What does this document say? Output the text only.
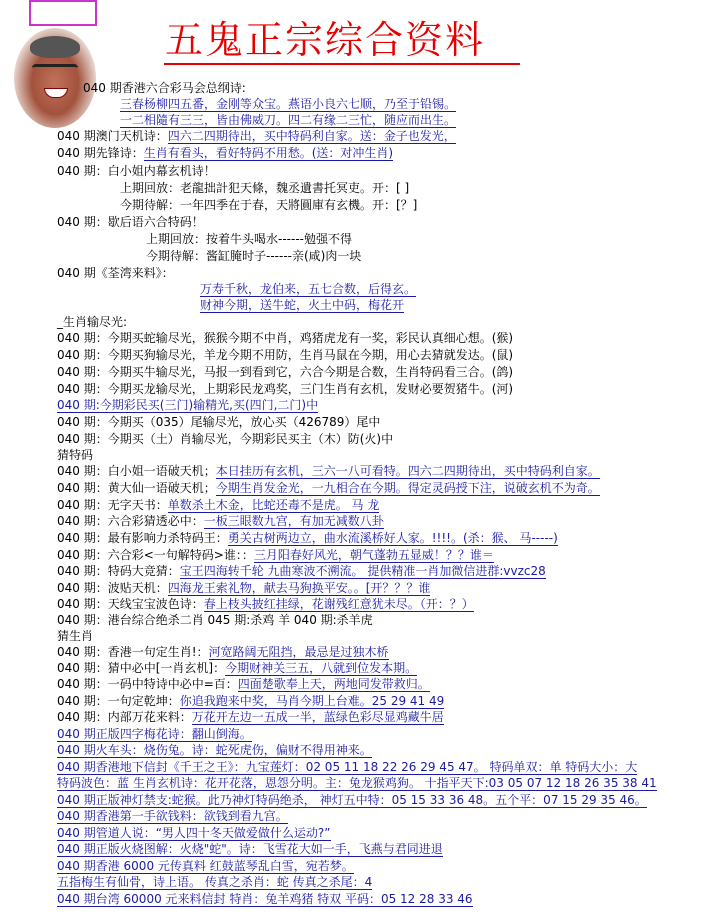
五鬼正宗综合资料
040 期香港六合彩马会总纲诗:
三春杨柳四五番，金刚等众宝。燕语小良六七顺，乃至于铅锡。
一二相隨有三三，皆由佛威刀。四二有缘二三忙，随应而出生。
040 期澳门天机诗：四六二四期待出，买中特码利自家。送：金子也发光，
040 期先锋诗：生肖有看头，看好特码不用愁。(送：对冲生肖)
040 期：白小姐内幕玄机诗！
上期回放：老龍拙計犯天條，魏丞遺書托冥吏。开：[ ]
今期待解：一年四季在于春，天將圓庫有玄機。开：[？]
040 期：歇后语六合特码！
上期回放：按着牛头喝水------勉强不得
今期待解：酱缸腌时子------亲(咸)肉一块
040 期《荃湾来料》：
万寿千秋，龙伯来，五七合数，后得玄。
财神今期，送牛蛇，火土中码，梅花开
_生肖输尽光:
040 期：今期买蛇输尽光，猴猴今期不中肖，鸡猪虎龙有一奖，彩民认真细心想。(猴)
040 期：今期买狗输尽光，羊龙今期不用防，生肖马鼠在今期，用心去猜就发达。(鼠)
040 期：今期买牛输尽光，马报一到看到它，六合今期是合数，生肖特码看三合。(鸽)
040 期：今期买龙输尽光，上期彩民龙鸡奖，三门生肖有玄机，发财必要贺猪牛。(河)
040 期:今期彩民买(三门)输精光,买(四门,二门)中
040 期：今期买（035）尾输尽光，放心买（426789）尾中
040 期：今期买（土）肖输尽光，今期彩民买主（木）防(火)中
猜特码
040 期：白小姐一语破天机；本日挂历有玄机，三六一八可看特。四六二四期待出，买中特码利自家。
040 期：黄大仙一语破天机；今期生肖发金光，一九相合在今期。得定灵码授下注，说破玄机不为奇。
040 期：无字天书：单数杀土木金，比蛇还毒不是虎。 马 龙
040 期：六合彩猜透必中：一板三眼数九宫，有加无减数八卦
040 期：最有影响力杀特码王：勇关古树两边立，曲水流溪桥好人家。!!!!。(杀：猴、 马-----)
040 期：六合彩<一句解特码>谁：：三月阳春好风光，朝气蓬勃五显威！？？谁＝
040 期：特码大竞猜：宝王四海转千轮 九曲寒波不溯流。 提供精准一肖加微信进群:vvzc28
040 期：波贴天机：四海龙王索礼物，献去马狗换平安。。[开？？？谁
040 期：天线宝宝波色诗：春上枝头披红挂绿，花谢残红意犹未尽。（开：？）
040 期：港台综合绝杀二肖 045 期:杀鸡 羊 040 期:杀羊虎
猜生肖
040 期：香港一句定生肖!：河宽路阔无阻挡，最忌是过独木桥
040 期：猜中必中[一肖玄机]：今期财神关三五，八就到位发本期。
040 期：一码中特诗中必中=百：四面楚歌奉上天，两地同发带救归。
040 期：一句定乾坤：你追我跑来中奖，马肖今期上台难。25 29 41 49
040 期：内部万花来料：万花开左边一五成一半，蓝绿色彩尽显鸡藏牛居
040 期正版四字梅花诗：翻山倒海。
040 期火车头：烧伤兔。诗：蛇死虎伤，偏财不得用神来。
040 期香港地下信封《千王之王》：九宝莲灯：02 05 11 18 22 26 29 45 47。 特码单双：单 特码大小：大
特码波色：蓝 生肖玄机诗：花开花落，恩怨分明。主：兔龙猴鸡狗。 十指平天下:03 05 07 12 18 26 35 38 41
040 期正版神灯禁支:蛇猴。此乃神灯特码绝杀， 神灯五中特：05 15 33 36 48。五个平：07 15 29 35 46。
040 期香港第一手欲钱料：欲钱到看九宫。
040 期管道人说：“男人四十冬天做爱做什么运动?”
040 期正版火烧图解：火烧"蛇"。诗：飞雪花大如一手，飞燕与君同进退
040 期香港 6000 元传真料 红鼓蓝琴乱白雪，宛若梦。
五指梅生有仙骨，诗上语。 传真之杀肖：蛇 传真之杀尾：4
040 期台湾 60000 元来料信封 特肖：兔羊鸡猪 特双 平码：05 12 28 33 46
